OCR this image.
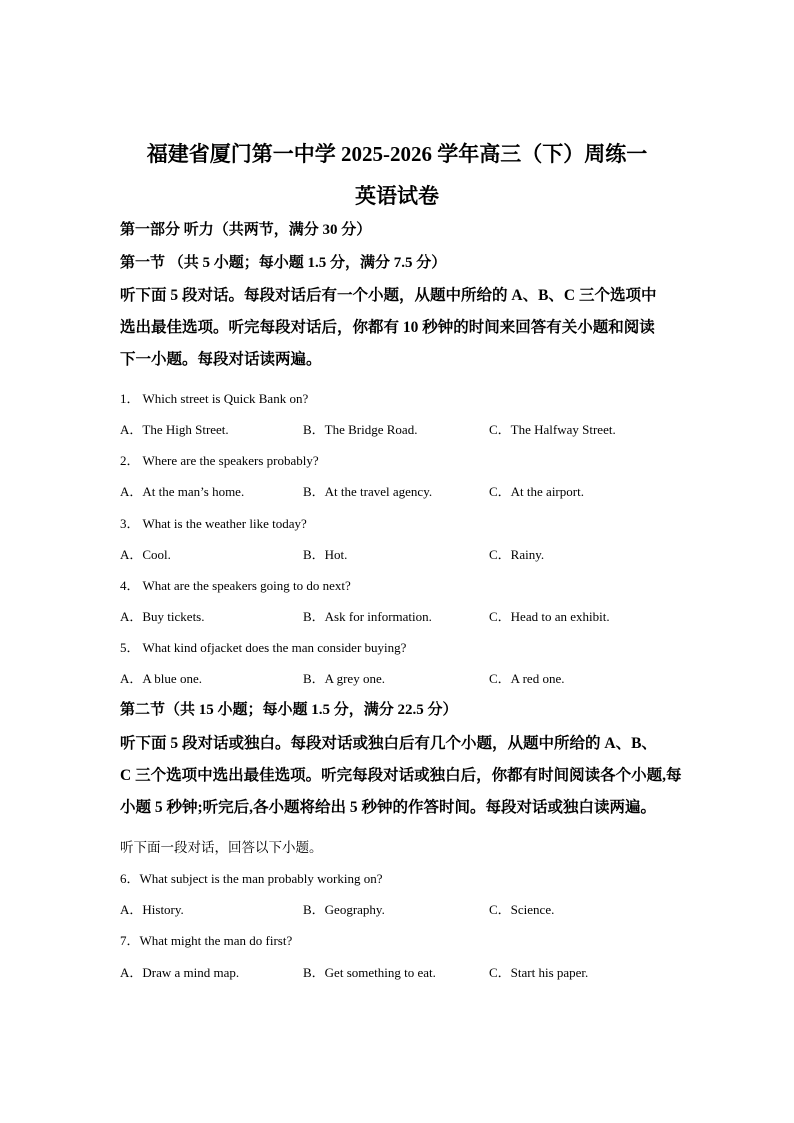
福建省厦门第一中学 2025-2026 学年高三（下）周练一
英语试卷
第一部分 听力（共两节，满分 30 分）
第一节 （共 5 小题；每小题 1.5 分，满分 7.5 分）
听下面 5 段对话。每段对话后有一个小题，从题中所给的 A、B、C 三个选项中
选出最佳选项。听完每段对话后，你都有 10 秒钟的时间来回答有关小题和阅读
下一小题。每段对话读两遍。
1． Which street is Quick Bank on?
A．The High Street.	B．The Bridge Road.	C．The Halfway Street.
2． Where are the speakers probably?
A．At the man’s home.	B．At the travel agency.	C．At the airport.
3． What is the weather like today?
A．Cool.	B．Hot.	C．Rainy.
4． What are the speakers going to do next?
A．Buy tickets.	B．Ask for information.	C．Head to an exhibit.
5． What kind ofjacket does the man consider buying?
A．A blue one.	B．A grey one.	C．A red one.
第二节（共 15 小题；每小题 1.5 分，满分 22.5 分）
听下面 5 段对话或独白。每段对话或独白后有几个小题，从题中所给的 A、B、
C 三个选项中选出最佳选项。听完每段对话或独白后，你都有时间阅读各个小题,每
小题 5 秒钟;听完后,各小题将给出 5 秒钟的作答时间。每段对话或独白读两遍。
听下面一段对话，回答以下小题。
6．What subject is the man probably working on?
A．History.	B．Geography.	C．Science.
7．What might the man do first?
A．Draw a mind map.	B．Get something to eat.	C．Start his paper.
